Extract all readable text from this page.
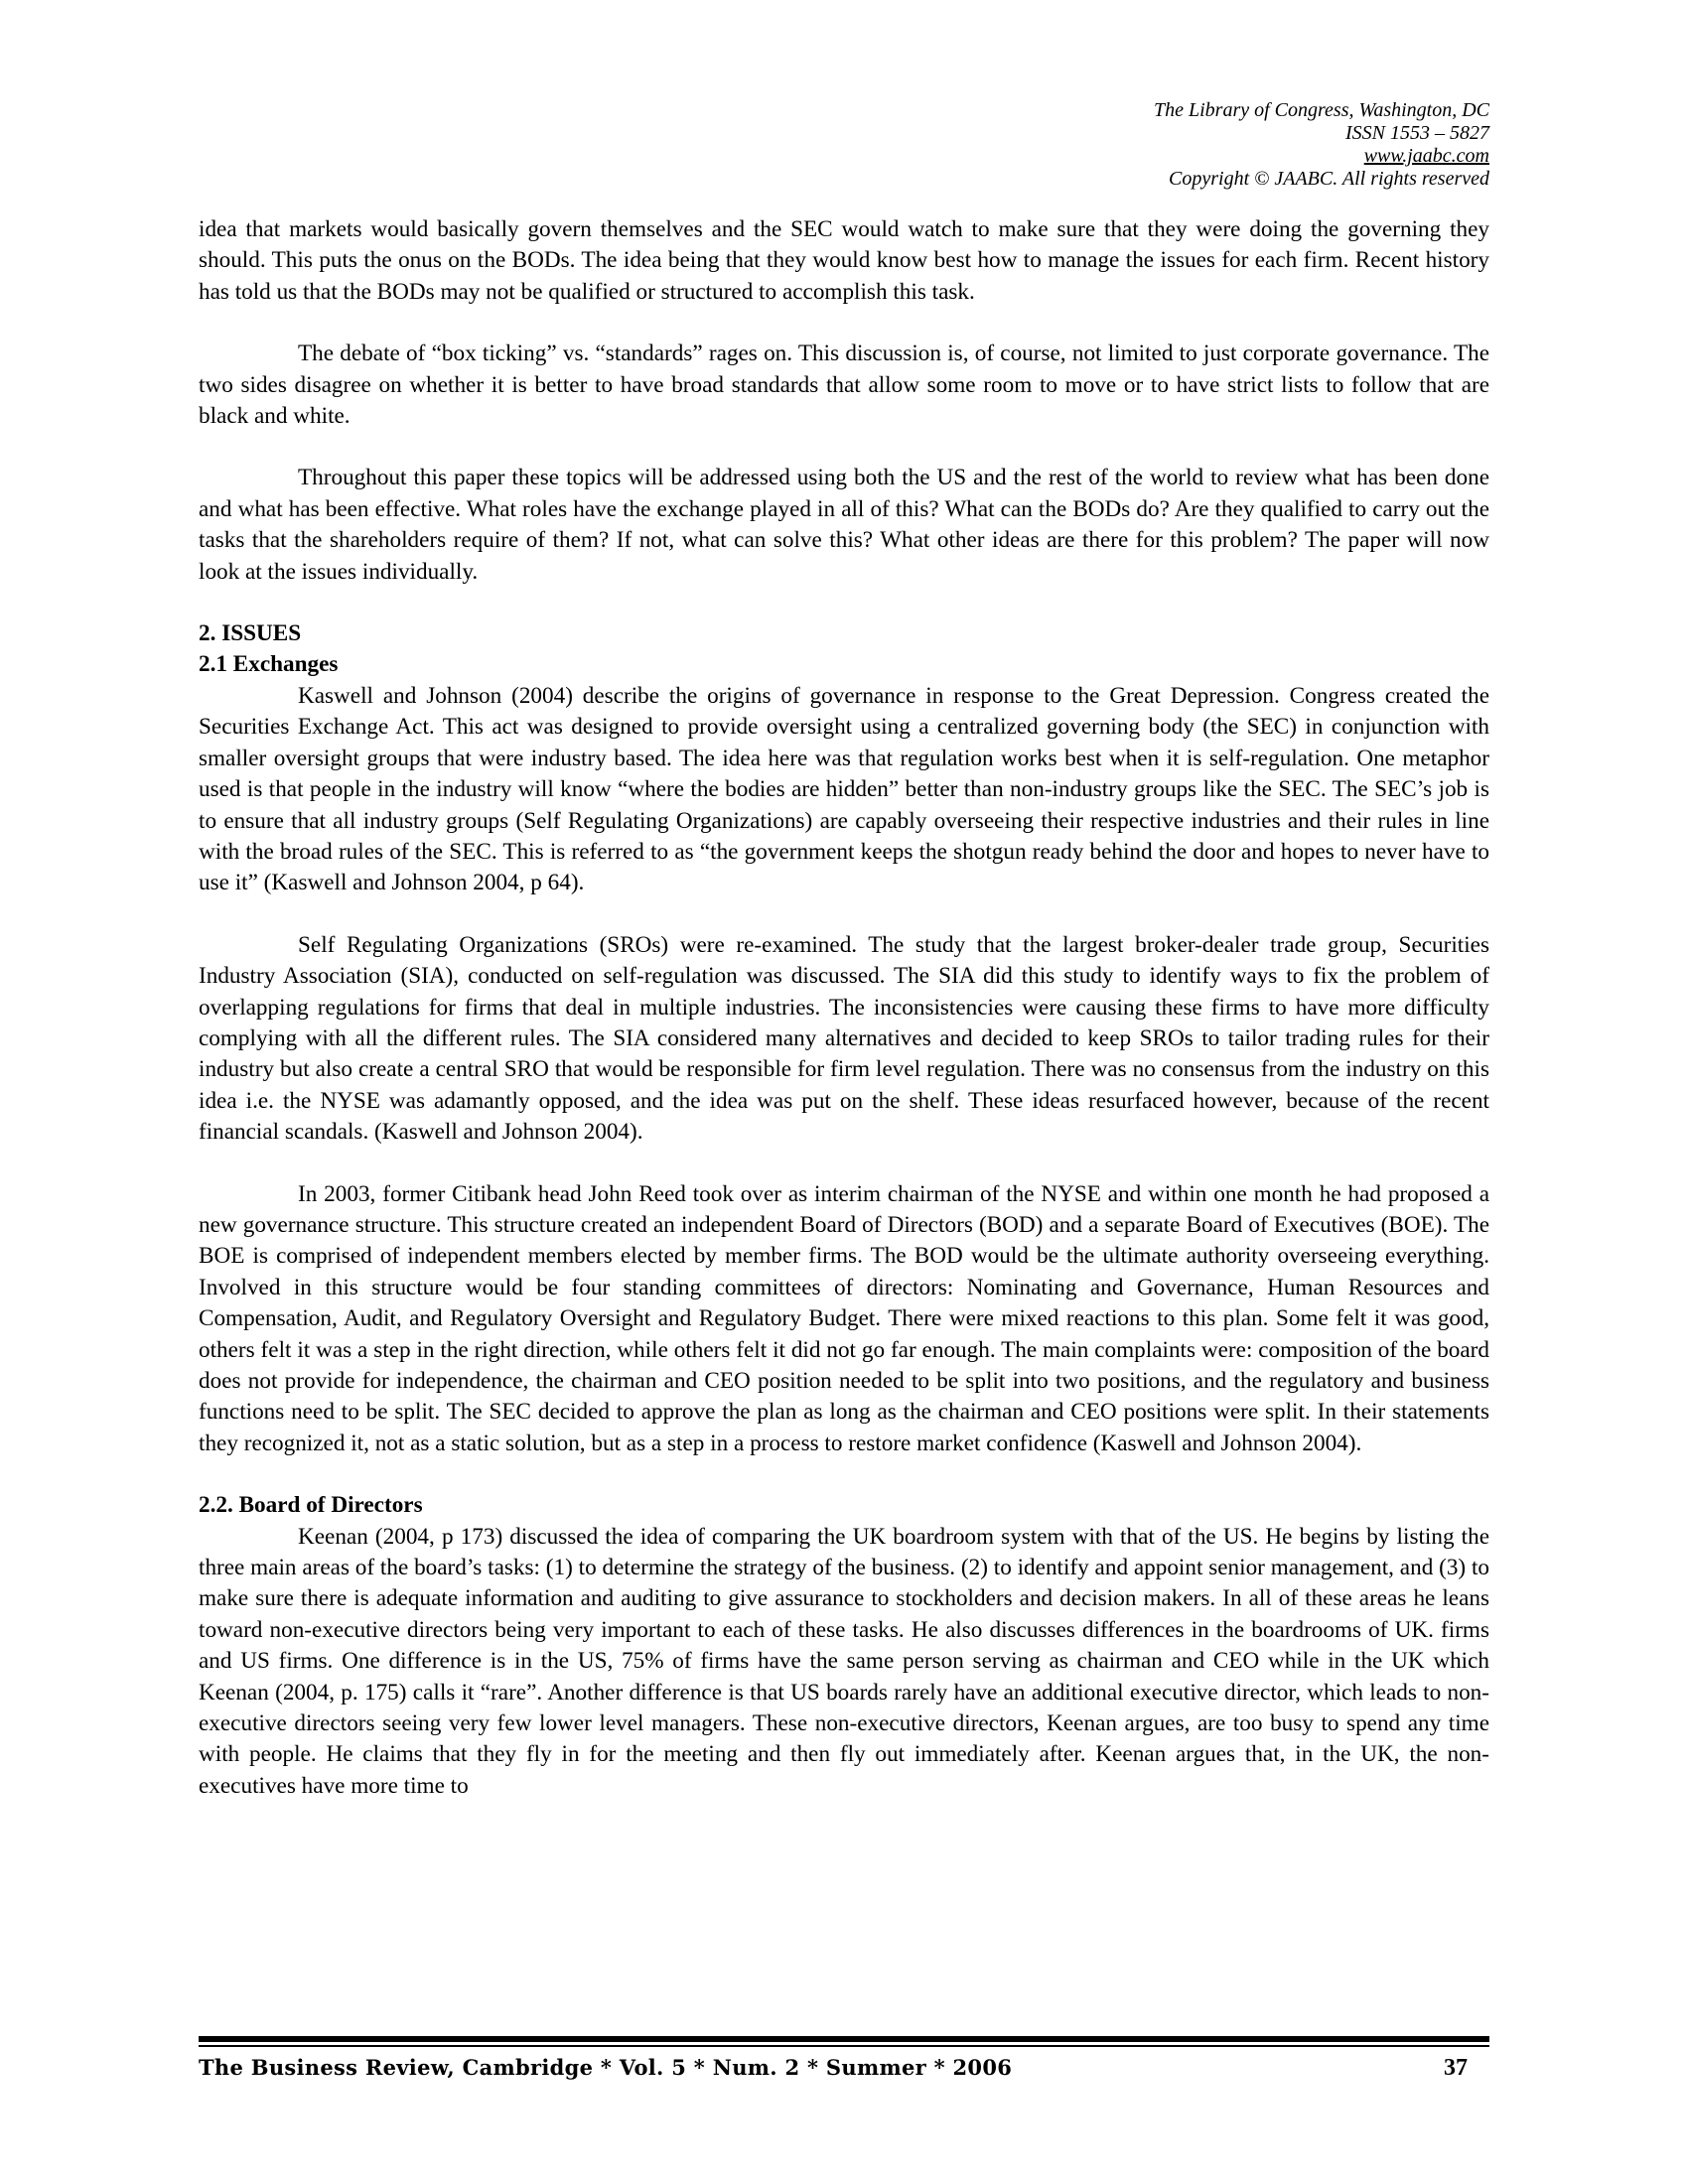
The Library of Congress, Washington, DC
ISSN 1553 – 5827
www.jaabc.com
Copyright © JAABC. All rights reserved

idea that markets would basically govern themselves and the SEC would watch to make sure that they were doing the governing they should. This puts the onus on the BODs. The idea being that they would know best how to manage the issues for each firm. Recent history has told us that the BODs may not be qualified or structured to accomplish this task.

The debate of “box ticking” vs. “standards” rages on. This discussion is, of course, not limited to just corporate governance. The two sides disagree on whether it is better to have broad standards that allow some room to move or to have strict lists to follow that are black and white.

Throughout this paper these topics will be addressed using both the US and the rest of the world to review what has been done and what has been effective. What roles have the exchange played in all of this? What can the BODs do? Are they qualified to carry out the tasks that the shareholders require of them? If not, what can solve this? What other ideas are there for this problem? The paper will now look at the issues individually.

2. ISSUES

2.1 Exchanges

Kaswell and Johnson (2004) describe the origins of governance in response to the Great Depression. Congress created the Securities Exchange Act. This act was designed to provide oversight using a centralized governing body (the SEC) in conjunction with smaller oversight groups that were industry based. The idea here was that regulation works best when it is self-regulation. One metaphor used is that people in the industry will know “where the bodies are hidden” better than non-industry groups like the SEC. The SEC’s job is to ensure that all industry groups (Self Regulating Organizations) are capably overseeing their respective industries and their rules in line with the broad rules of the SEC. This is referred to as “the government keeps the shotgun ready behind the door and hopes to never have to use it” (Kaswell and Johnson 2004, p 64).

Self Regulating Organizations (SROs) were re-examined. The study that the largest broker-dealer trade group, Securities Industry Association (SIA), conducted on self-regulation was discussed. The SIA did this study to identify ways to fix the problem of overlapping regulations for firms that deal in multiple industries. The inconsistencies were causing these firms to have more difficulty complying with all the different rules. The SIA considered many alternatives and decided to keep SROs to tailor trading rules for their industry but also create a central SRO that would be responsible for firm level regulation. There was no consensus from the industry on this idea i.e. the NYSE was adamantly opposed, and the idea was put on the shelf. These ideas resurfaced however, because of the recent financial scandals. (Kaswell and Johnson 2004).

In 2003, former Citibank head John Reed took over as interim chairman of the NYSE and within one month he had proposed a new governance structure. This structure created an independent Board of Directors (BOD) and a separate Board of Executives (BOE). The BOE is comprised of independent members elected by member firms. The BOD would be the ultimate authority overseeing everything. Involved in this structure would be four standing committees of directors: Nominating and Governance, Human Resources and Compensation, Audit, and Regulatory Oversight and Regulatory Budget. There were mixed reactions to this plan. Some felt it was good, others felt it was a step in the right direction, while others felt it did not go far enough. The main complaints were: composition of the board does not provide for independence, the chairman and CEO position needed to be split into two positions, and the regulatory and business functions need to be split. The SEC decided to approve the plan as long as the chairman and CEO positions were split. In their statements they recognized it, not as a static solution, but as a step in a process to restore market confidence (Kaswell and Johnson 2004).

2.2. Board of Directors

Keenan (2004, p 173) discussed the idea of comparing the UK boardroom system with that of the US. He begins by listing the three main areas of the board’s tasks: (1) to determine the strategy of the business. (2) to identify and appoint senior management, and (3) to make sure there is adequate information and auditing to give assurance to stockholders and decision makers. In all of these areas he leans toward non-executive directors being very important to each of these tasks. He also discusses differences in the boardrooms of UK. firms and US firms. One difference is in the US, 75% of firms have the same person serving as chairman and CEO while in the UK which Keenan (2004, p. 175) calls it “rare”. Another difference is that US boards rarely have an additional executive director, which leads to non-executive directors seeing very few lower level managers. These non-executive directors, Keenan argues, are too busy to spend any time with people. He claims that they fly in for the meeting and then fly out immediately after. Keenan argues that, in the UK, the non-executives have more time to

The Business Review, Cambridge * Vol. 5 * Num. 2 * Summer * 2006	37
